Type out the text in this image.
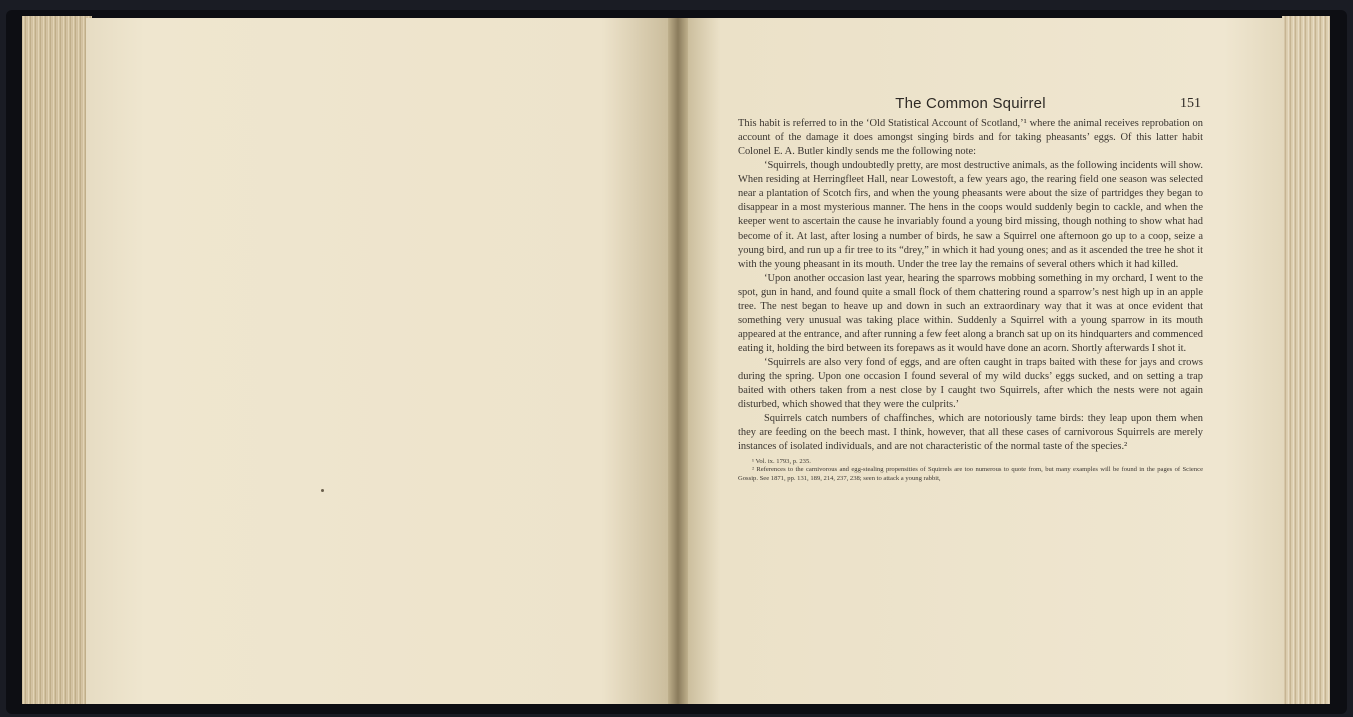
The Common Squirrel	151

This habit is referred to in the ‘Old Statistical Account of Scotland,’¹ where the animal receives reprobation on account of the damage it does amongst singing birds and for taking pheasants’ eggs. Of this latter habit Colonel E. A. Butler kindly sends me the following note:

‘Squirrels, though undoubtedly pretty, are most destructive animals, as the following incidents will show. When residing at Herringfleet Hall, near Lowestoft, a few years ago, the rearing field one season was selected near a plantation of Scotch firs, and when the young pheasants were about the size of partridges they began to disappear in a most mysterious manner. The hens in the coops would suddenly begin to cackle, and when the keeper went to ascertain the cause he invariably found a young bird missing, though nothing to show what had become of it. At last, after losing a number of birds, he saw a Squirrel one afternoon go up to a coop, seize a young bird, and run up a fir tree to its “drey,” in which it had young ones; and as it ascended the tree he shot it with the young pheasant in its mouth. Under the tree lay the remains of several others which it had killed.

‘Upon another occasion last year, hearing the sparrows mobbing something in my orchard, I went to the spot, gun in hand, and found quite a small flock of them chattering round a sparrow’s nest high up in an apple tree. The nest began to heave up and down in such an extraordinary way that it was at once evident that something very unusual was taking place within. Suddenly a Squirrel with a young sparrow in its mouth appeared at the entrance, and after running a few feet along a branch sat up on its hindquarters and commenced eating it, holding the bird between its forepaws as it would have done an acorn. Shortly afterwards I shot it.

‘Squirrels are also very fond of eggs, and are often caught in traps baited with these for jays and crows during the spring. Upon one occasion I found several of my wild ducks’ eggs sucked, and on setting a trap baited with others taken from a nest close by I caught two Squirrels, after which the nests were not again disturbed, which showed that they were the culprits.’

Squirrels catch numbers of chaffinches, which are notoriously tame birds: they leap upon them when they are feeding on the beech mast. I think, however, that all these cases of carnivorous Squirrels are merely instances of isolated individuals, and are not characteristic of the normal taste of the species.²

¹ Vol. ix. 1793, p. 235.

² References to the carnivorous and egg-stealing propensities of Squirrels are too numerous to quote from, but many examples will be found in the pages of Science Gossip. See 1871, pp. 131, 189, 214, 237, 238; seen to attack a young rabbit,
